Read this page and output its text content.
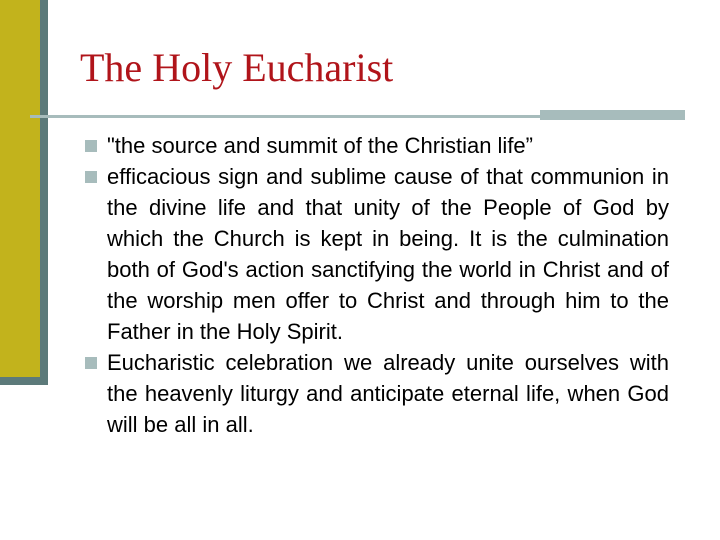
The Holy Eucharist
"the source and summit of the Christian life”
efficacious sign and sublime cause of that communion in the divine life and that unity of the People of God by which the Church is kept in being. It is the culmination both of God's action sanctifying the world in Christ and of the worship men offer to Christ and through him to the Father in the Holy Spirit.
Eucharistic celebration we already unite ourselves with the heavenly liturgy and anticipate eternal life, when God will be all in all.
